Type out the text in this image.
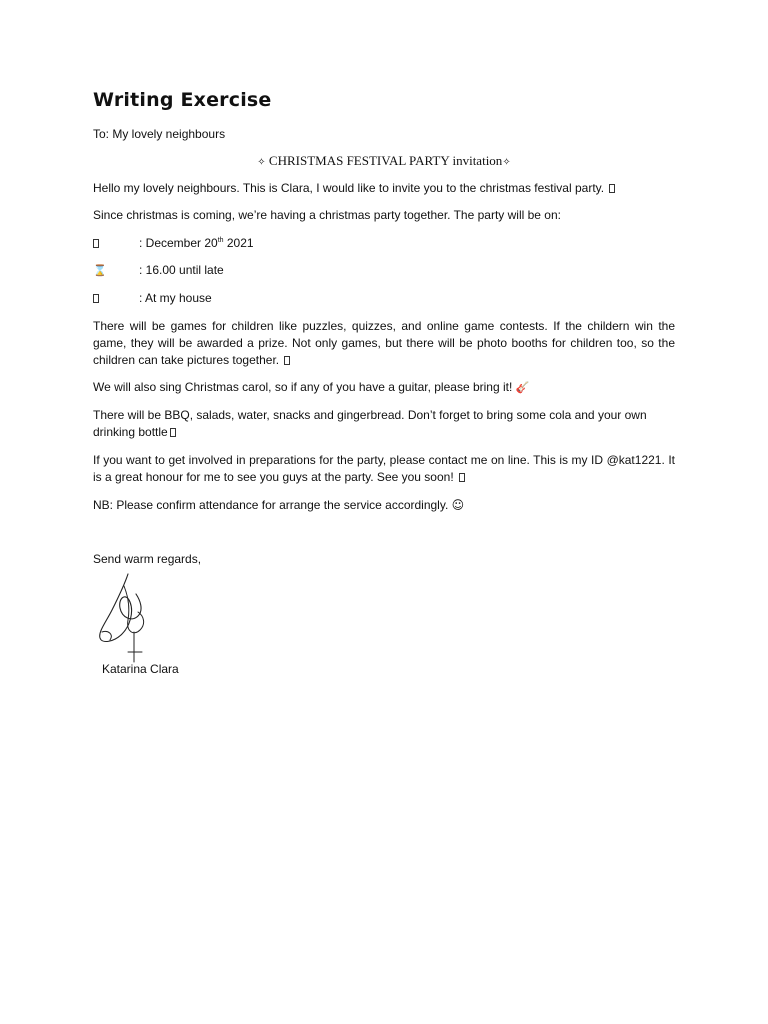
Writing Exercise

To: My lovely neighbours

✧ CHRISTMAS FESTIVAL PARTY invitation✧

Hello my lovely neighbours. This is Clara, I would like to invite you to the christmas festival party.

Since christmas is coming, we’re having a christmas party together. The party will be on:

: December 20th 2021
⌛	: 16.00 until late
: At my house

There will be games for children like puzzles, quizzes, and online game contests. If the childern win the game, they will be awarded a prize. Not only games, but there will be photo booths for children too, so the children can take pictures together.

We will also sing Christmas carol, so if any of you have a guitar, please bring it! 🎸

There will be BBQ, salads, water, snacks and gingerbread. Don’t forget to bring some cola and your own drinking bottle

If you want to get involved in preparations for the party, please contact me on line. This is my ID @kat1221. It is a great honour for me to see you guys at the party. See you soon!

NB: Please confirm attendance for arrange the service accordingly. ☺

Send warm regards,

Katarina Clara
